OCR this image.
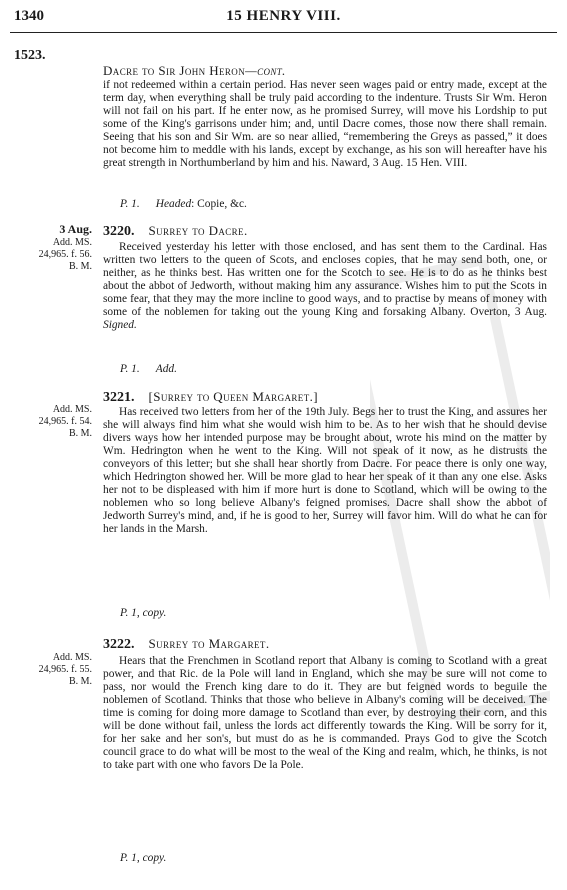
1340	15 HENRY VIII.
1523.
Dacre to Sir John Heron—cont.
if not redeemed within a certain period. Has never seen wages paid or entry made, except at the term day, when everything shall be truly paid according to the indenture. Trusts Sir Wm. Heron will not fail on his part. If he enter now, as he promised Surrey, will move his Lordship to put some of the King's garrisons under him; and, until Dacre comes, those now there shall remain. Seeing that his son and Sir Wm. are so near allied, “remembering the Greys as passed,” it does not become him to meddle with his lands, except by exchange, as his son will hereafter have his great strength in Northumberland by him and his. Naward, 3 Aug. 15 Hen. VIII.
P. 1. Headed: Copie, &c.
3 Aug.
Add. MS.
24,965. f. 56.
B. M.
3220. Surrey to Dacre.
Received yesterday his letter with those enclosed, and has sent them to the Cardinal. Has written two letters to the queen of Scots, and encloses copies, that he may send both, one, or neither, as he thinks best. Has written one for the Scotch to see. He is to do as he thinks best about the abbot of Jedworth, without making him any assurance. Wishes him to put the Scots in some fear, that they may the more incline to good ways, and to practise by means of money with some of the noblemen for taking out the young King and forsaking Albany. Overton, 3 Aug. Signed.
P. 1. Add.
Add. MS.
24,965. f. 54.
B. M.
3221. [Surrey to Queen Margaret.]
Has received two letters from her of the 19th July. Begs her to trust the King, and assures her she will always find him what she would wish him to be. As to her wish that he should devise divers ways how her intended purpose may be brought about, wrote his mind on the matter by Wm. Hedrington when he went to the King. Will not speak of it now, as he distrusts the conveyors of this letter; but she shall hear shortly from Dacre. For peace there is only one way, which Hedrington showed her. Will be more glad to hear her speak of it than any one else. Asks her not to be displeased with him if more hurt is done to Scotland, which will be owing to the noblemen who so long believe Albany's feigned promises. Dacre shall show the abbot of Jedworth Surrey's mind, and, if he is good to her, Surrey will favor him. Will do what he can for her lands in the Marsh.
P. 1, copy.
Add. MS.
24,965. f. 55.
B. M.
3222. Surrey to Margaret.
Hears that the Frenchmen in Scotland report that Albany is coming to Scotland with a great power, and that Ric. de la Pole will land in England, which she may be sure will not come to pass, nor would the French king dare to do it. They are but feigned words to beguile the noblemen of Scotland. Thinks that those who believe in Albany's coming will be deceived. The time is coming for doing more damage to Scotland than ever, by destroying their corn, and this will be done without fail, unless the lords act differently towards the King. Will be sorry for it, for her sake and her son's, but must do as he is commanded. Prays God to give the Scotch council grace to do what will be most to the weal of the King and realm, which, he thinks, is not to take part with one who favors De la Pole.
P. 1, copy.
